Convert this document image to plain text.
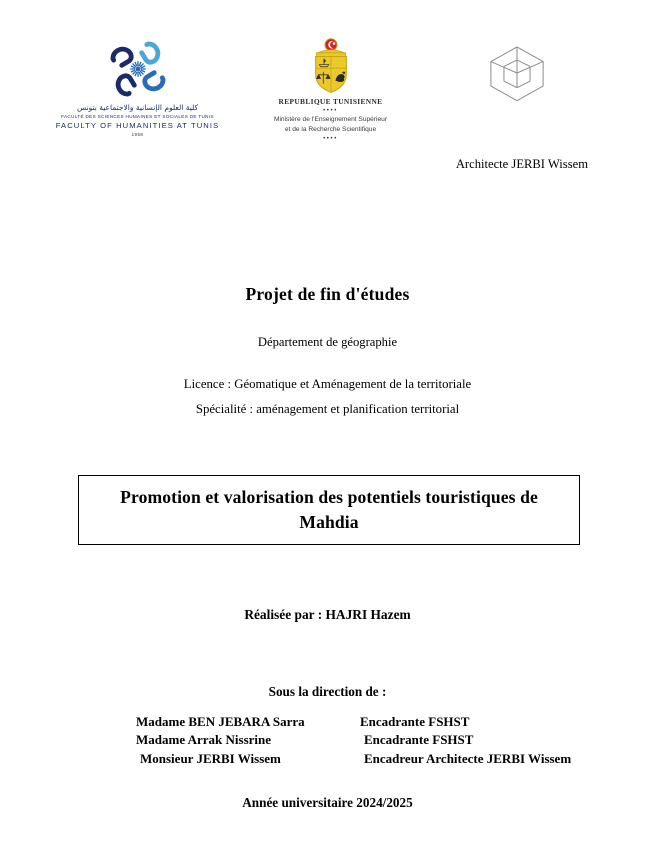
كلية العلوم الإنسانية والاجتماعية بتونس
FACULTÉ DES SCIENCES HUMAINES ET SOCIALES DE TUNIS
FACULTY OF HUMANITIES AT TUNIS
1958
REPUBLIQUE TUNISIENNE
••••
Ministère de l'Enseignement Supérieur
et de la Recherche Scientifique
••••
Architecte JERBI Wissem
Projet de fin d'études
Département de géographie
Licence : Géomatique et Aménagement de la territoriale
Spécialité : aménagement et planification territorial
Promotion et valorisation des potentiels touristiques de Mahdia
Réalisée par : HAJRI Hazem
Sous la direction de :
Madame BEN JEBARA Sarra	Encadrante FSHST
Madame Arrak Nissrine	Encadrante FSHST
Monsieur JERBI Wissem	Encadreur Architecte JERBI Wissem
Année universitaire 2024/2025
